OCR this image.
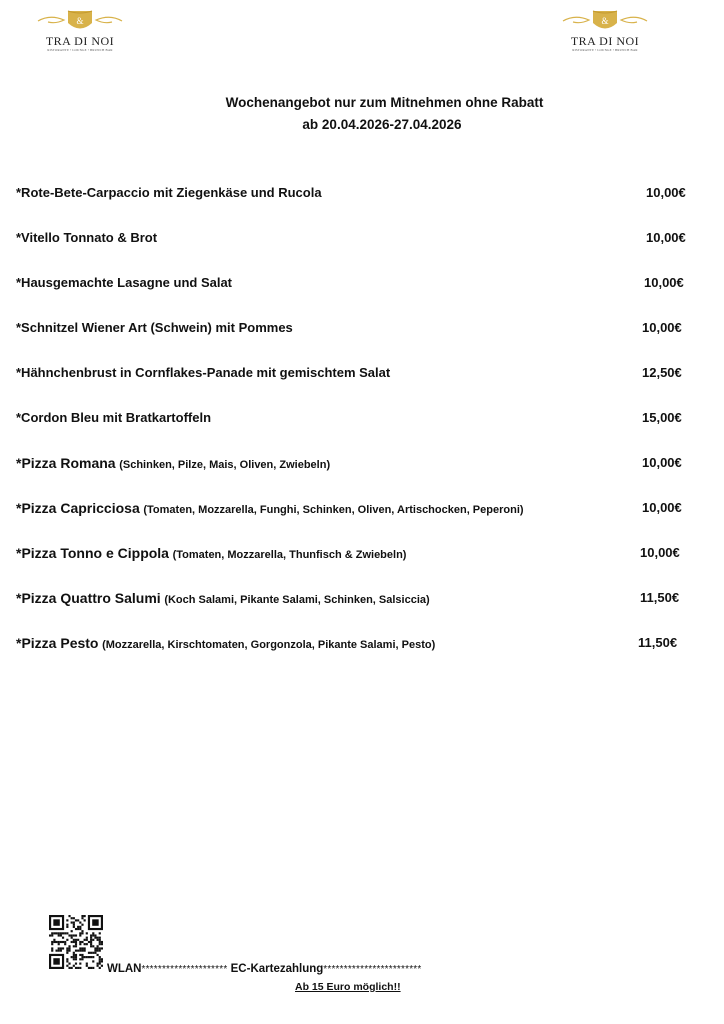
&
TRA DI NOI
RISTORANTE • LOUNGE • BRUNCH BAR
&
TRA DI NOI
RISTORANTE • LOUNGE • BRUNCH BAR
Wochenangebot nur zum Mitnehmen ohne Rabatt
ab 20.04.2026-27.04.2026
*Rote-Bete-Carpaccio mit Ziegenkäse und Rucola	10,00€
*Vitello Tonnato & Brot	10,00€
*Hausgemachte Lasagne und Salat	10,00€
*Schnitzel Wiener Art (Schwein) mit Pommes	10,00€
*Hähnchenbrust in Cornflakes-Panade mit gemischtem Salat	12,50€
*Cordon Bleu mit Bratkartoffeln	15,00€
*Pizza Romana (Schinken, Pilze, Mais, Oliven, Zwiebeln)	10,00€
*Pizza Capricciosa (Tomaten, Mozzarella, Funghi, Schinken, Oliven, Artischocken, Peperoni)	10,00€
*Pizza Tonno e Cippola (Tomaten, Mozzarella, Thunfisch & Zwiebeln)	10,00€
*Pizza Quattro Salumi (Koch Salami, Pikante Salami, Schinken, Salsiccia)	11,50€
*Pizza Pesto (Mozzarella, Kirschtomaten, Gorgonzola, Pikante Salami, Pesto)	11,50€
WLAN********************* EC-Kartezahlung************************
Ab 15 Euro möglich!!
